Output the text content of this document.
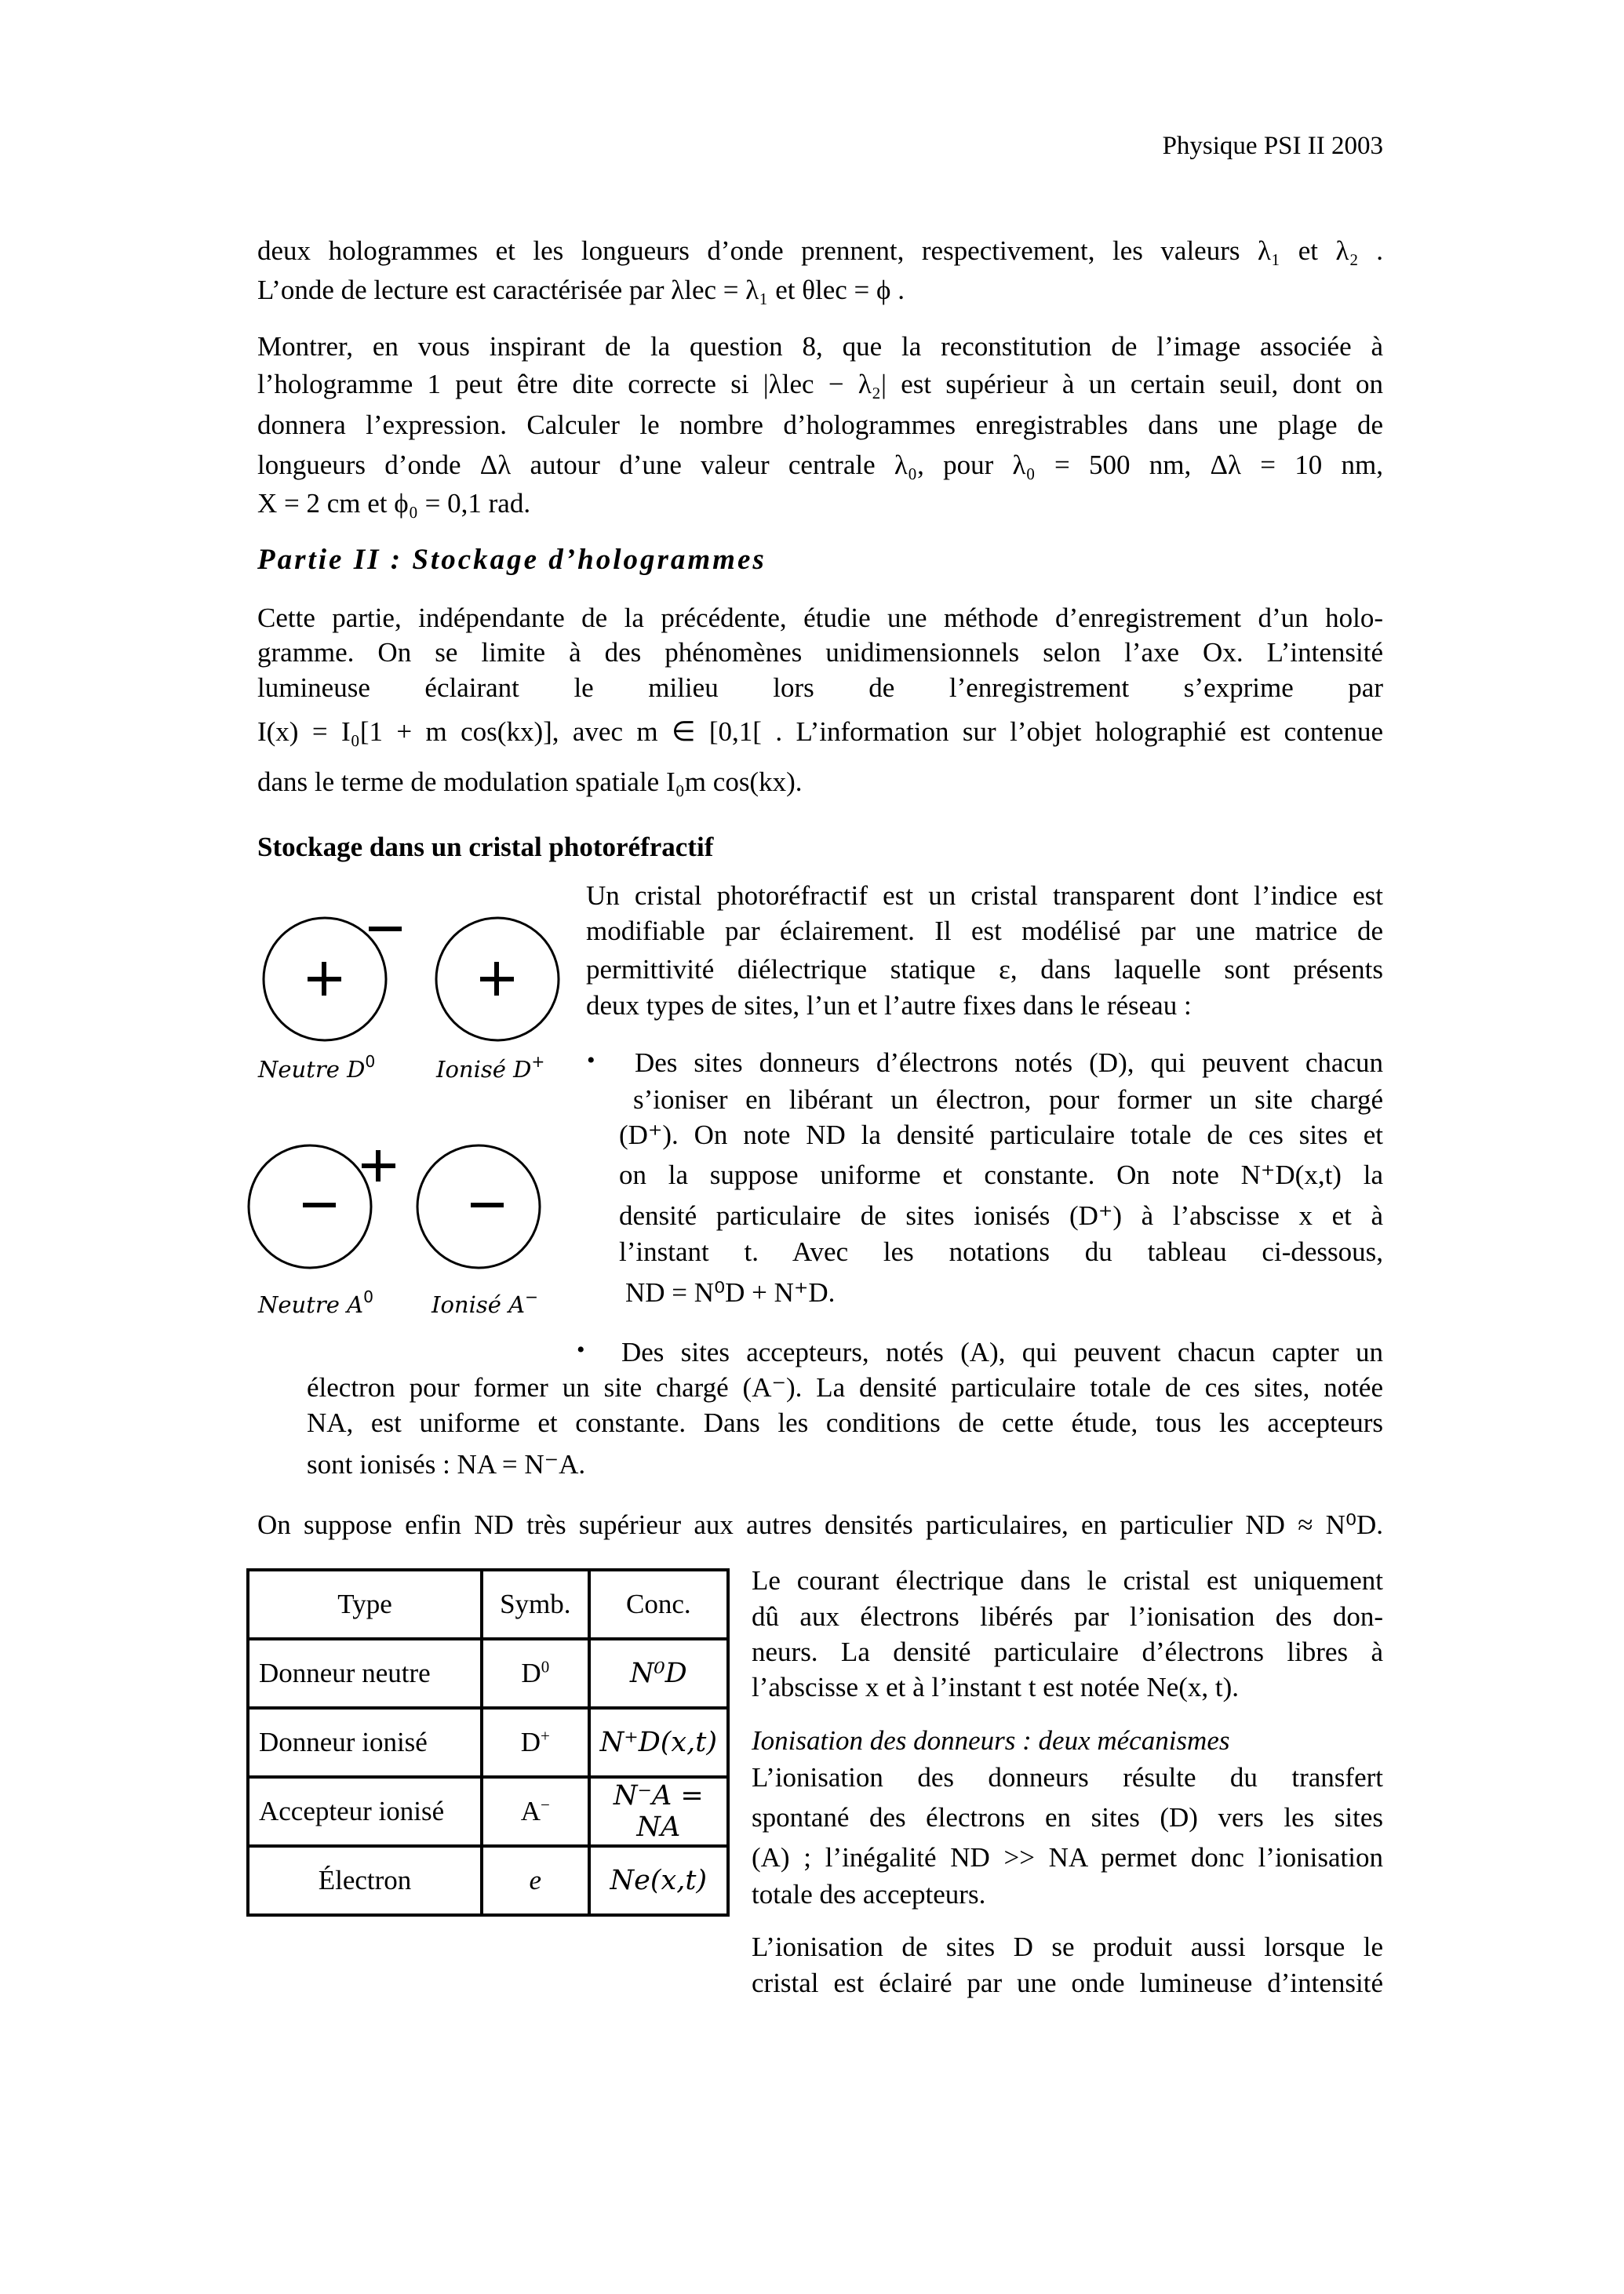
Physique PSI II 2003
deux hologrammes et les longueurs d’onde prennent, respectivement, les valeurs λ₁ et λ₂ .
L’onde de lecture est caractérisée par λlec = λ₁ et θlec = ϕ .
Montrer, en vous inspirant de la question 8, que la reconstitution de l’image associée à
l’hologramme 1 peut être dite correcte si |λlec − λ₂| est supérieur à un certain seuil, dont on
donnera l’expression. Calculer le nombre d’hologrammes enregistrables dans une plage de
longueurs d’onde Δλ autour d’une valeur centrale λ₀, pour λ₀ = 500 nm, Δλ = 10 nm,
X = 2 cm et ϕ₀ = 0,1 rad.
Partie II : Stockage d’hologrammes
Cette partie, indépendante de la précédente, étudie une méthode d’enregistrement d’un holo-
gramme. On se limite à des phénomènes unidimensionnels selon l’axe Ox. L’intensité
lumineuse éclairant le milieu lors de l’enregistrement s’exprime par
I(x) = I₀[1 + m cos(kx)], avec m ∈ [0,1[ . L’information sur l’objet holographié est contenue
dans le terme de modulation spatiale I₀m cos(kx).
Stockage dans un cristal photoréfractif
Un cristal photoréfractif est un cristal transparent dont l’indice est
modifiable par éclairement. Il est modélisé par une matrice de
permittivité diélectrique statique ε, dans laquelle sont présents
deux types de sites, l’un et l’autre fixes dans le réseau :
Neutre $D^0$	Ionisé D+
Neutre $A^0$	Ionisé A−
• Des sites donneurs d’électrons notés (D), qui peuvent chacun
s’ioniser en libérant un électron, pour former un site chargé
(D⁺). On note ND la densité particulaire totale de ces sites et
on la suppose uniforme et constante. On note N⁺D(x,t) la
densité particulaire de sites ionisés (D⁺) à l’abscisse x et à
l’instant t. Avec les notations du tableau ci-dessous,
ND = N⁰D + N⁺D.
• Des sites accepteurs, notés (A), qui peuvent chacun capter un
électron pour former un site chargé (A⁻). La densité particulaire totale de ces sites, notée
NA, est uniforme et constante. Dans les conditions de cette étude, tous les accepteurs
sont ionisés : NA = N⁻A.
On suppose enfin ND très supérieur aux autres densités particulaires, en particulier ND ≈ N⁰D.
Type	Symb.	Conc.
Donneur neutre	$D^0$	N⁰D
Donneur ionisé	D+	N⁺D(x,t)
Accepteur ionisé	A−	N⁻A = NA
Électron	e	Ne(x,t)
Le courant électrique dans le cristal est uniquement
dû aux électrons libérés par l’ionisation des don-
neurs. La densité particulaire d’électrons libres à
l’abscisse x et à l’instant t est notée Ne(x, t).
Ionisation des donneurs : deux mécanismes
L’ionisation des donneurs résulte du transfert
spontané des électrons en sites (D) vers les sites
(A) ; l’inégalité ND >> NA permet donc l’ionisation
totale des accepteurs.
L’ionisation de sites D se produit aussi lorsque le
cristal est éclairé par une onde lumineuse d’intensité
